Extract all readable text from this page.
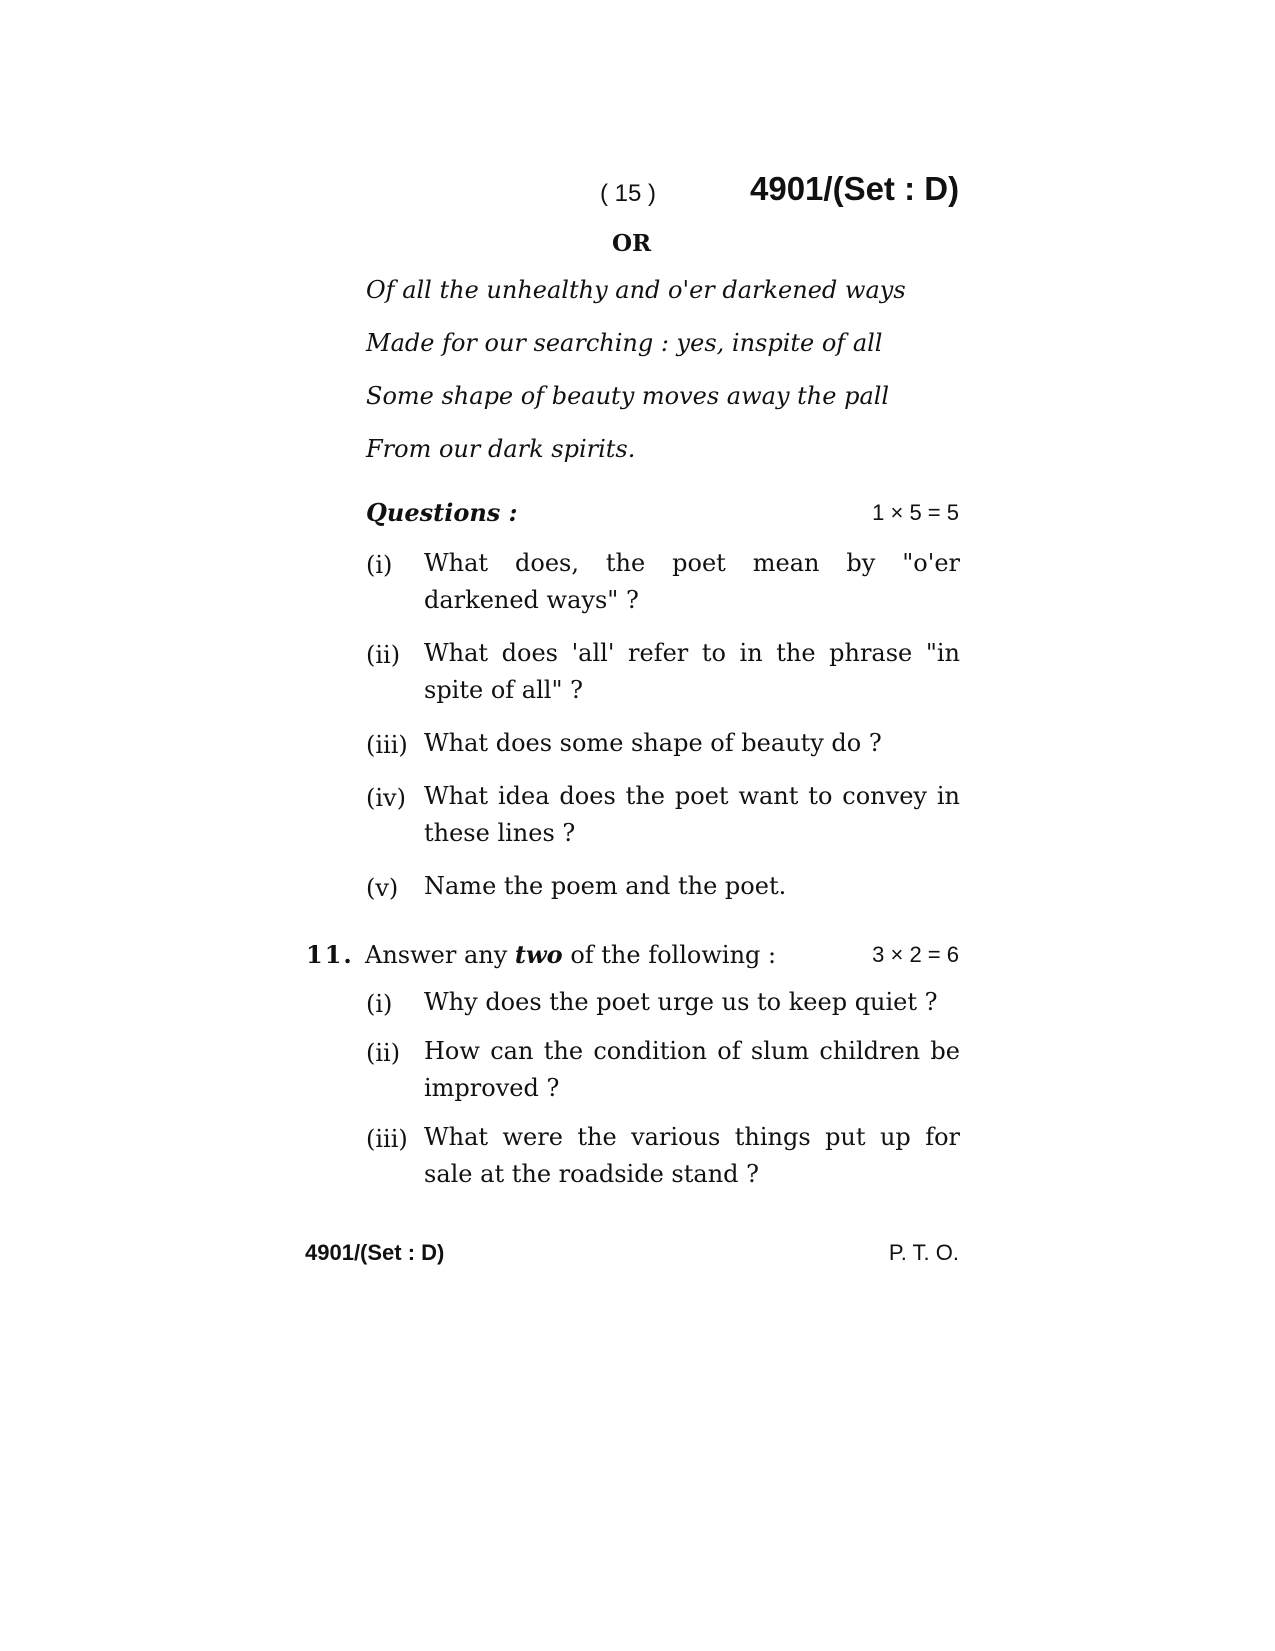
( 15 )	4901/(Set : D)
OR
Of all the unhealthy and o'er darkened ways
Made for our searching : yes, inspite of all
Some shape of beauty moves away the pall
From our dark spirits.
Questions :	1 × 5 = 5
(i) What does, the poet mean by "o'er darkened ways" ?
(ii) What does 'all' refer to in the phrase "in spite of all" ?
(iii) What does some shape of beauty do ?
(iv) What idea does the poet want to convey in these lines ?
(v) Name the poem and the poet.
11. Answer any two of the following :	3 × 2 = 6
(i) Why does the poet urge us to keep quiet ?
(ii) How can the condition of slum children be improved ?
(iii) What were the various things put up for sale at the roadside stand ?
4901/(Set : D)	P. T. O.
